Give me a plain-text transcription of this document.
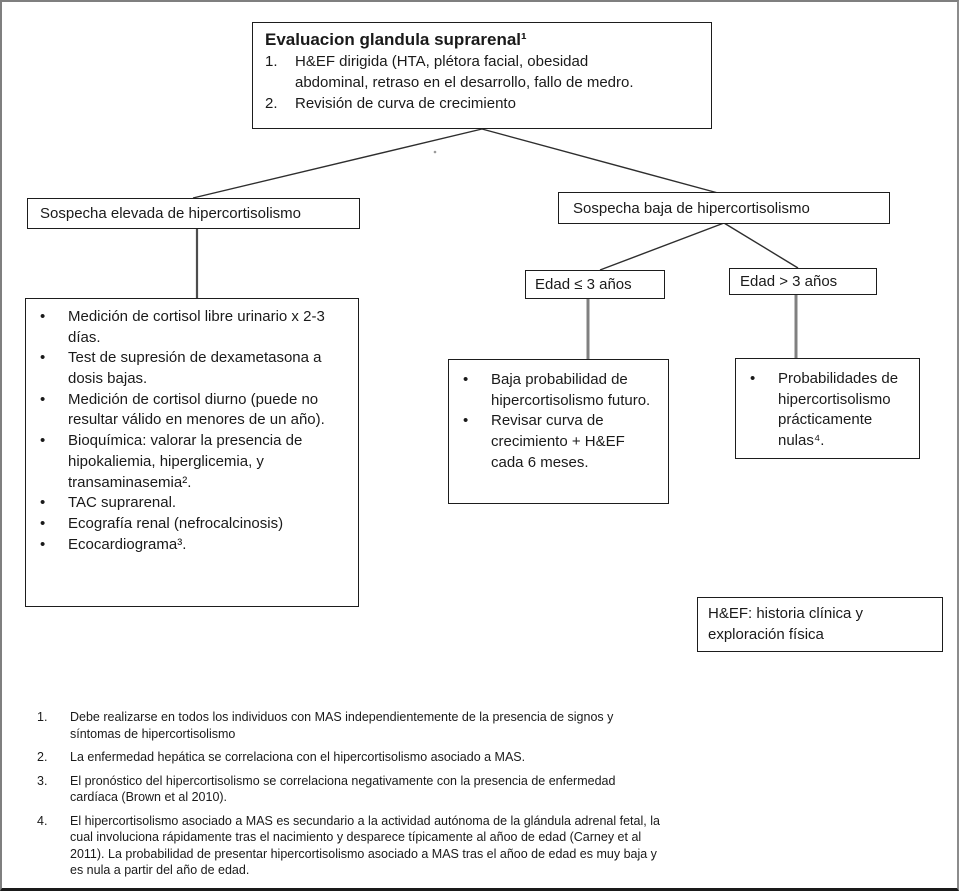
Evaluacion glandula suprarenal¹
1.	H&EF dirigida (HTA, plétora facial, obesidad abdominal, retraso en el desarrollo, fallo de medro.
2.	Revisión de curva de crecimiento
Sospecha elevada de hipercortisolismo	Sospecha baja de hipercortisolismo
Edad ≤ 3 años	Edad > 3 años
•	Medición de cortisol libre urinario x 2-3 días.
•	Test de supresión de dexametasona a dosis bajas.
•	Medición de cortisol diurno (puede no resultar válido en menores de un año).
•	Bioquímica: valorar la presencia de hipokaliemia, hiperglicemia, y transaminasemia².
•	TAC suprarenal.
•	Ecografía renal (nefrocalcinosis)
•	Ecocardiograma³.
•	Baja probabilidad de hipercortisolismo futuro.
•	Revisar curva de crecimiento + H&EF cada 6 meses.
•	Probabilidades de hipercortisolismo prácticamente nulas⁴.
H&EF: historia clínica y exploración física
1.	Debe realizarse en todos los individuos con MAS independientemente de la presencia de signos y síntomas de hipercortisolismo
2.	La enfermedad hepática se correlaciona con el hipercortisolismo asociado a MAS.
3.	El pronóstico del hipercortisolismo se correlaciona negativamente con la presencia de enfermedad cardíaca (Brown et al 2010).
4.	El hipercortisolismo asociado a MAS es secundario a la actividad autónoma de la glándula adrenal fetal, la cual involuciona rápidamente tras el nacimiento y desparece típicamente al añoo de edad (Carney et al 2011). La probabilidad de presentar hipercortisolismo asociado a MAS tras el añoo de edad es muy baja y es nula a partir del año de edad.
